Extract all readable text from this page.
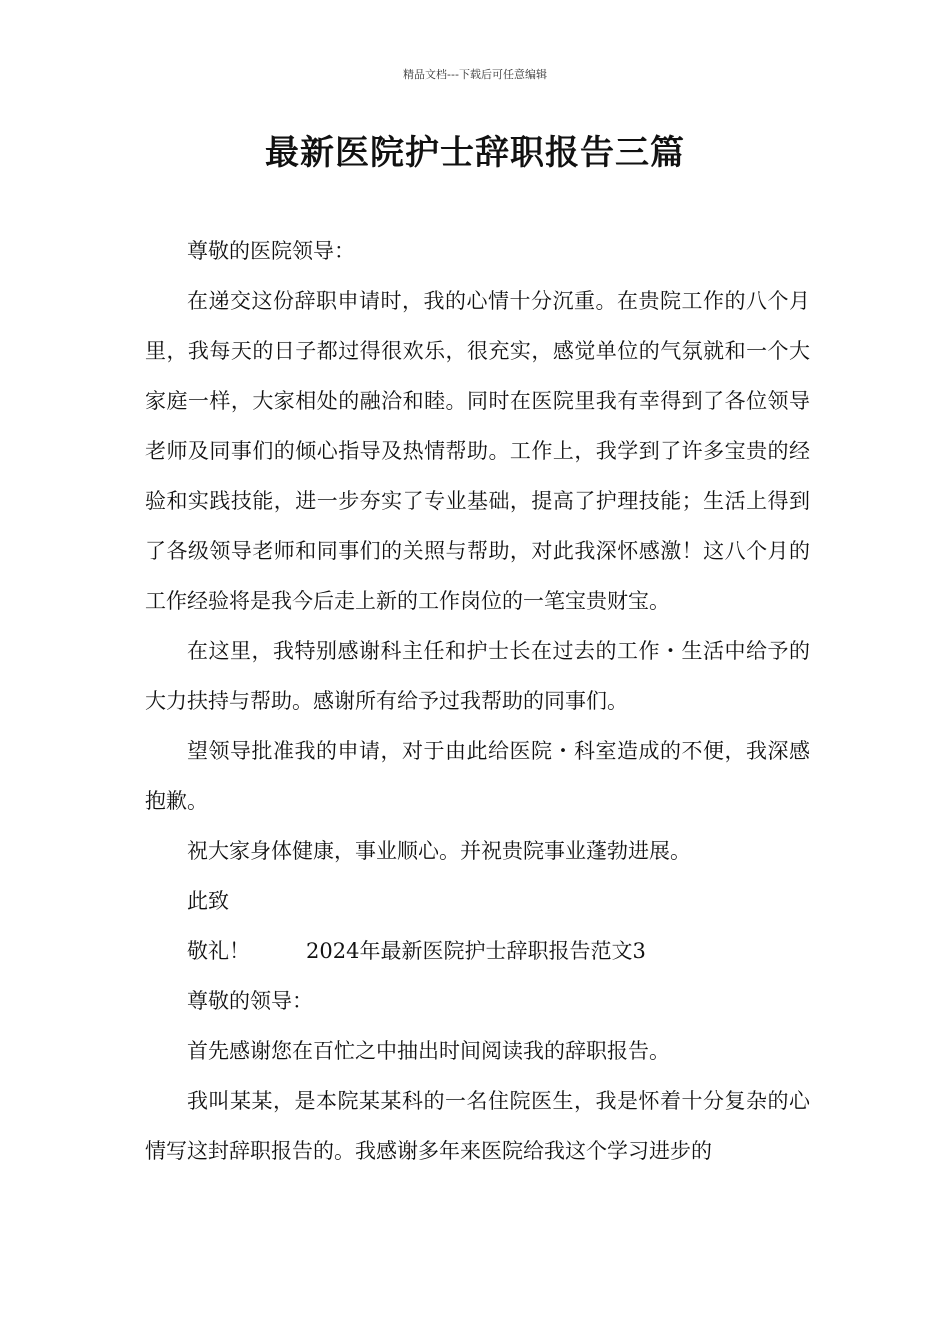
精品文档---下载后可任意编辑
最新医院护士辞职报告三篇

尊敬的医院领导：

在递交这份辞职申请时，我的心情十分沉重。在贵院工作的八个月里，我每天的日子都过得很欢乐，很充实，感觉单位的气氛就和一个大家庭一样，大家相处的融洽和睦。同时在医院里我有幸得到了各位领导老师及同事们的倾心指导及热情帮助。工作上，我学到了许多宝贵的经验和实践技能，进一步夯实了专业基础，提高了护理技能；生活上得到了各级领导老师和同事们的关照与帮助，对此我深怀感激！这八个月的工作经验将是我今后走上新的工作岗位的一笔宝贵财宝。

在这里，我特别感谢科主任和护士长在过去的工作・生活中给予的大力扶持与帮助。感谢所有给予过我帮助的同事们。

望领导批准我的申请，对于由此给医院・科室造成的不便，我深感抱歉。

祝大家身体健康，事业顺心。并祝贵院事业蓬勃进展。

此致

敬礼！	2024年最新医院护士辞职报告范文3

尊敬的领导：

首先感谢您在百忙之中抽出时间阅读我的辞职报告。

我叫某某，是本院某某科的一名住院医生，我是怀着十分复杂的心情写这封辞职报告的。我感谢多年来医院给我这个学习进步的
